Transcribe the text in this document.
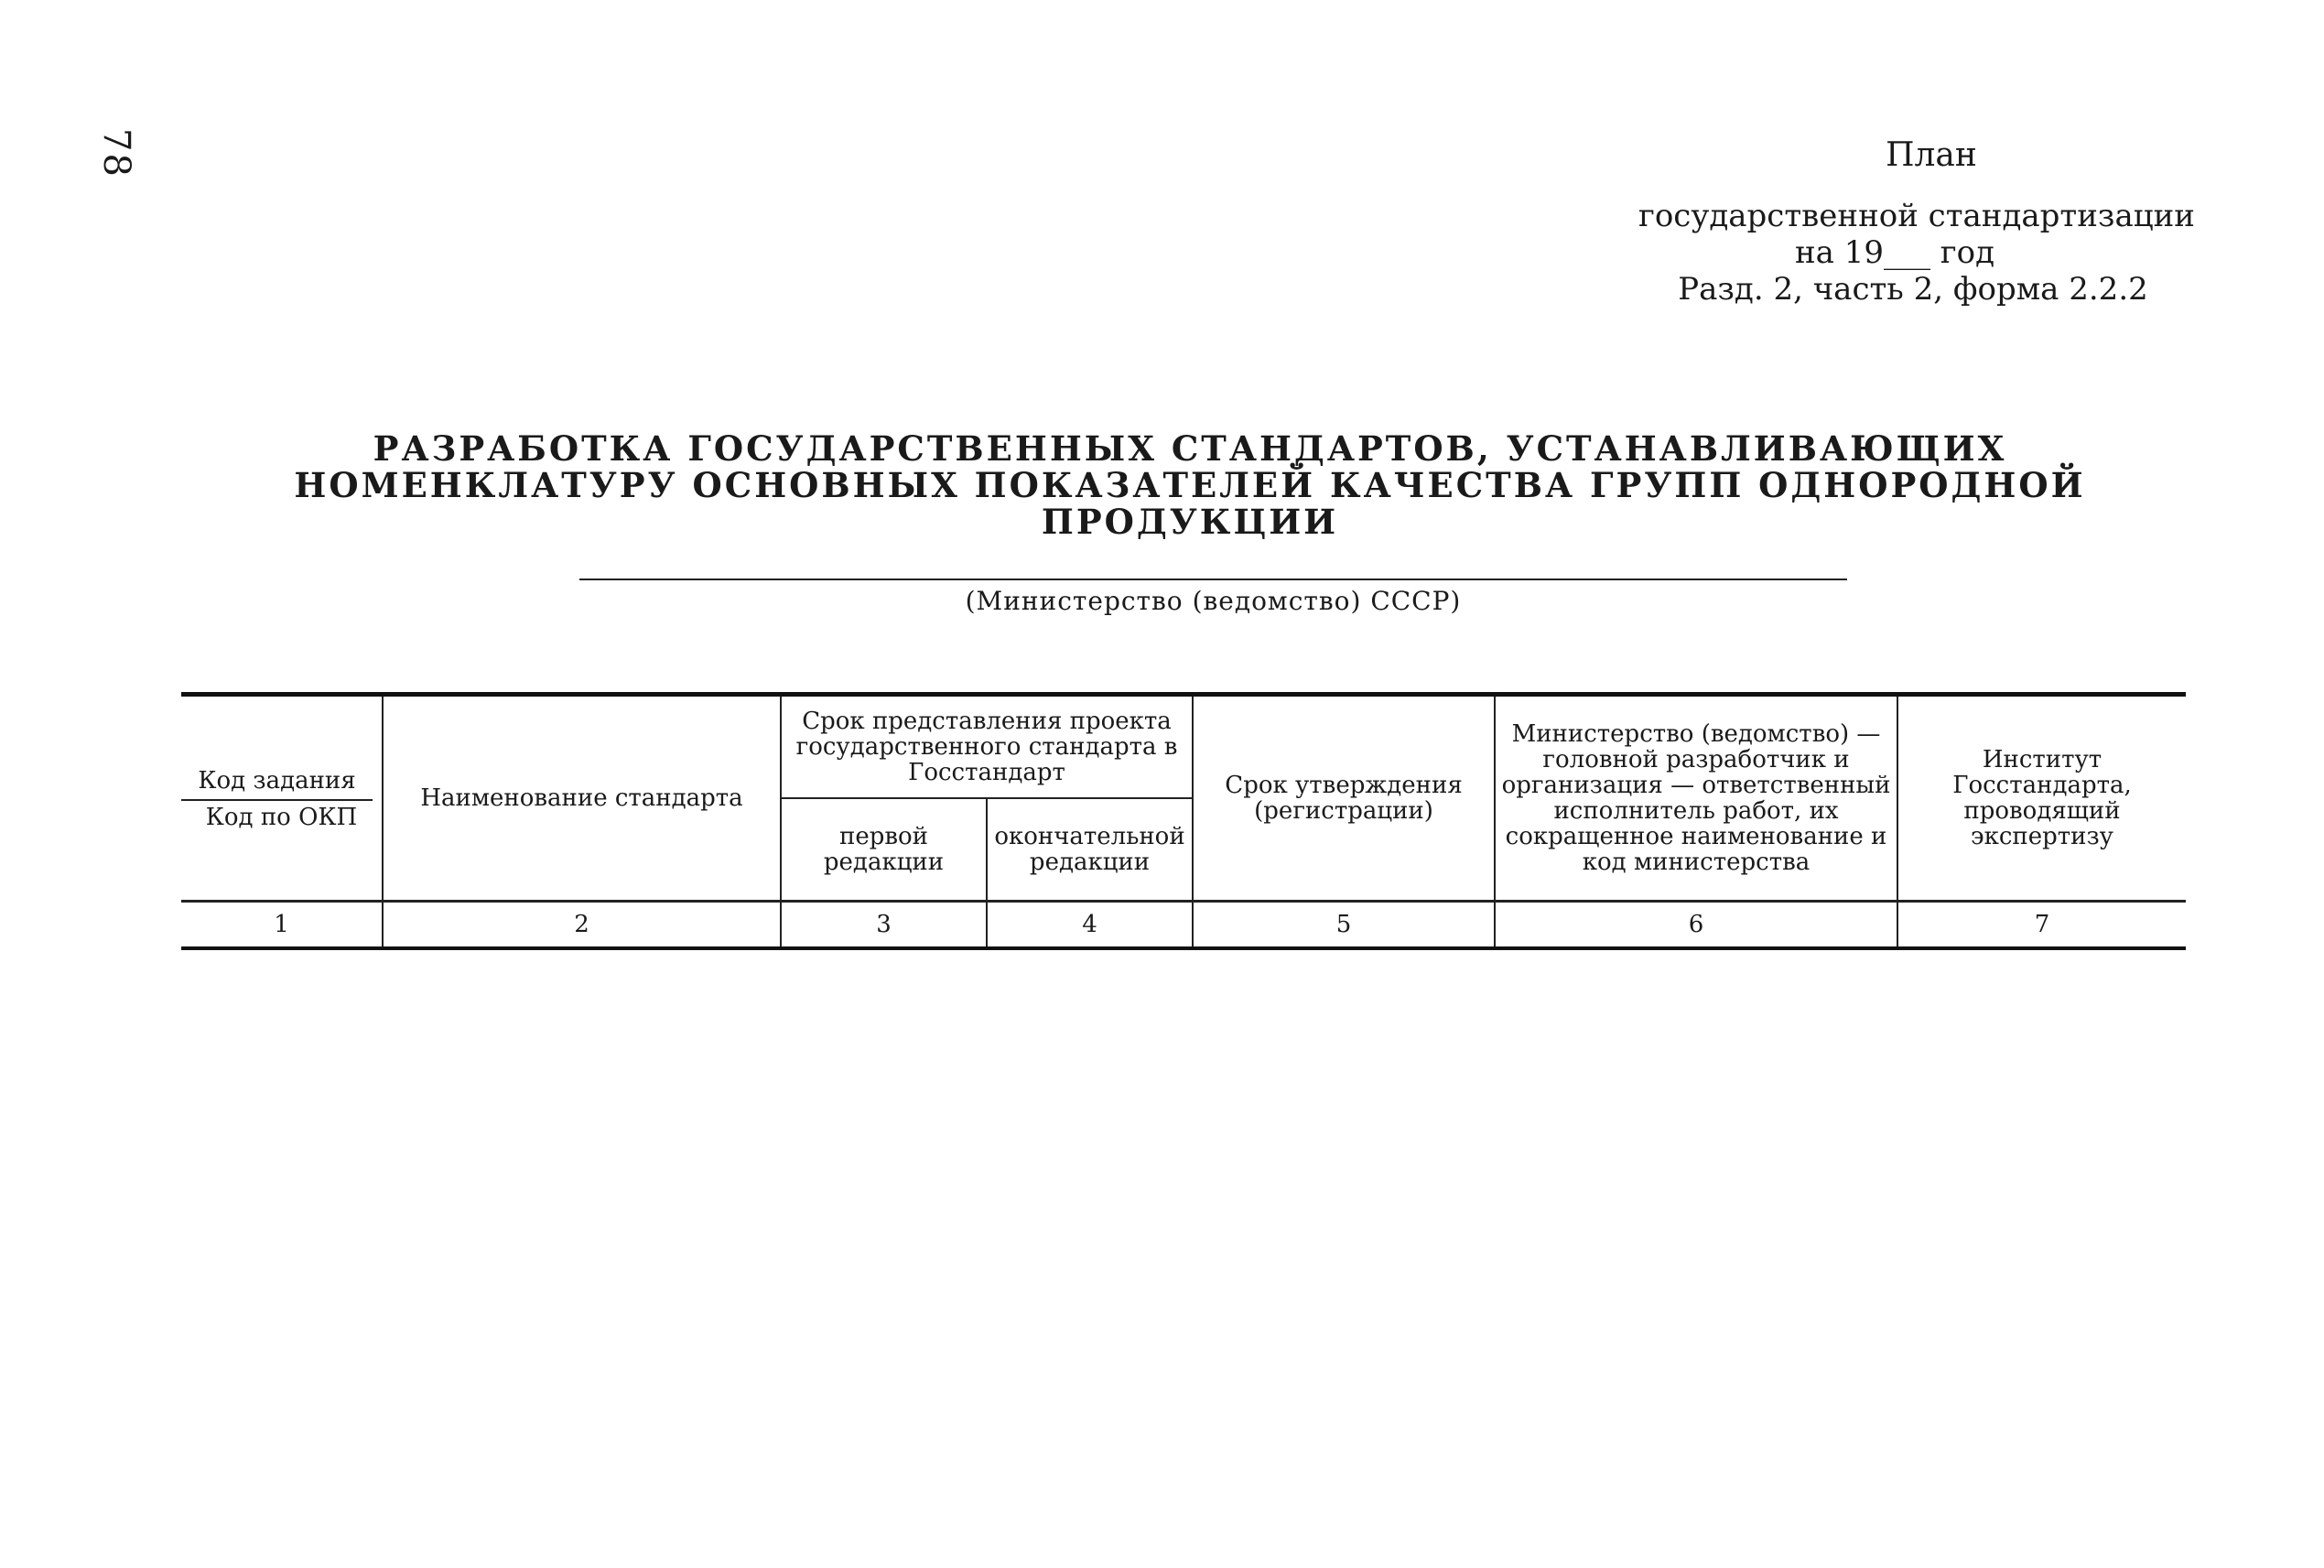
78	План
государственной стандартизации
на 19___ год
Разд. 2, часть 2, форма 2.2.2
РАЗРАБОТКА ГОСУДАРСТВЕННЫХ СТАНДАРТОВ, УСТАНАВЛИВАЮЩИХ
НОМЕНКЛАТУРУ ОСНОВНЫХ ПОКАЗАТЕЛЕЙ КАЧЕСТВА ГРУПП ОДНОРОДНОЙ ПРОДУКЦИИ
(Министерство (ведомство) СССР)
Код задания
Код по ОКП	Наименование стандарта	Срок представления проекта государственного стандарта в Госстандарт		Срок утверждения (регистрации)	Министерство (ведомство) — головной разработчик и организация — ответственный исполнитель работ, их сокращенное наименование и код министерства	Институт Госстандарта, проводящий экспертизу
		первой редакции	окончательной редакции			
1	2	3	4	5	6	7
